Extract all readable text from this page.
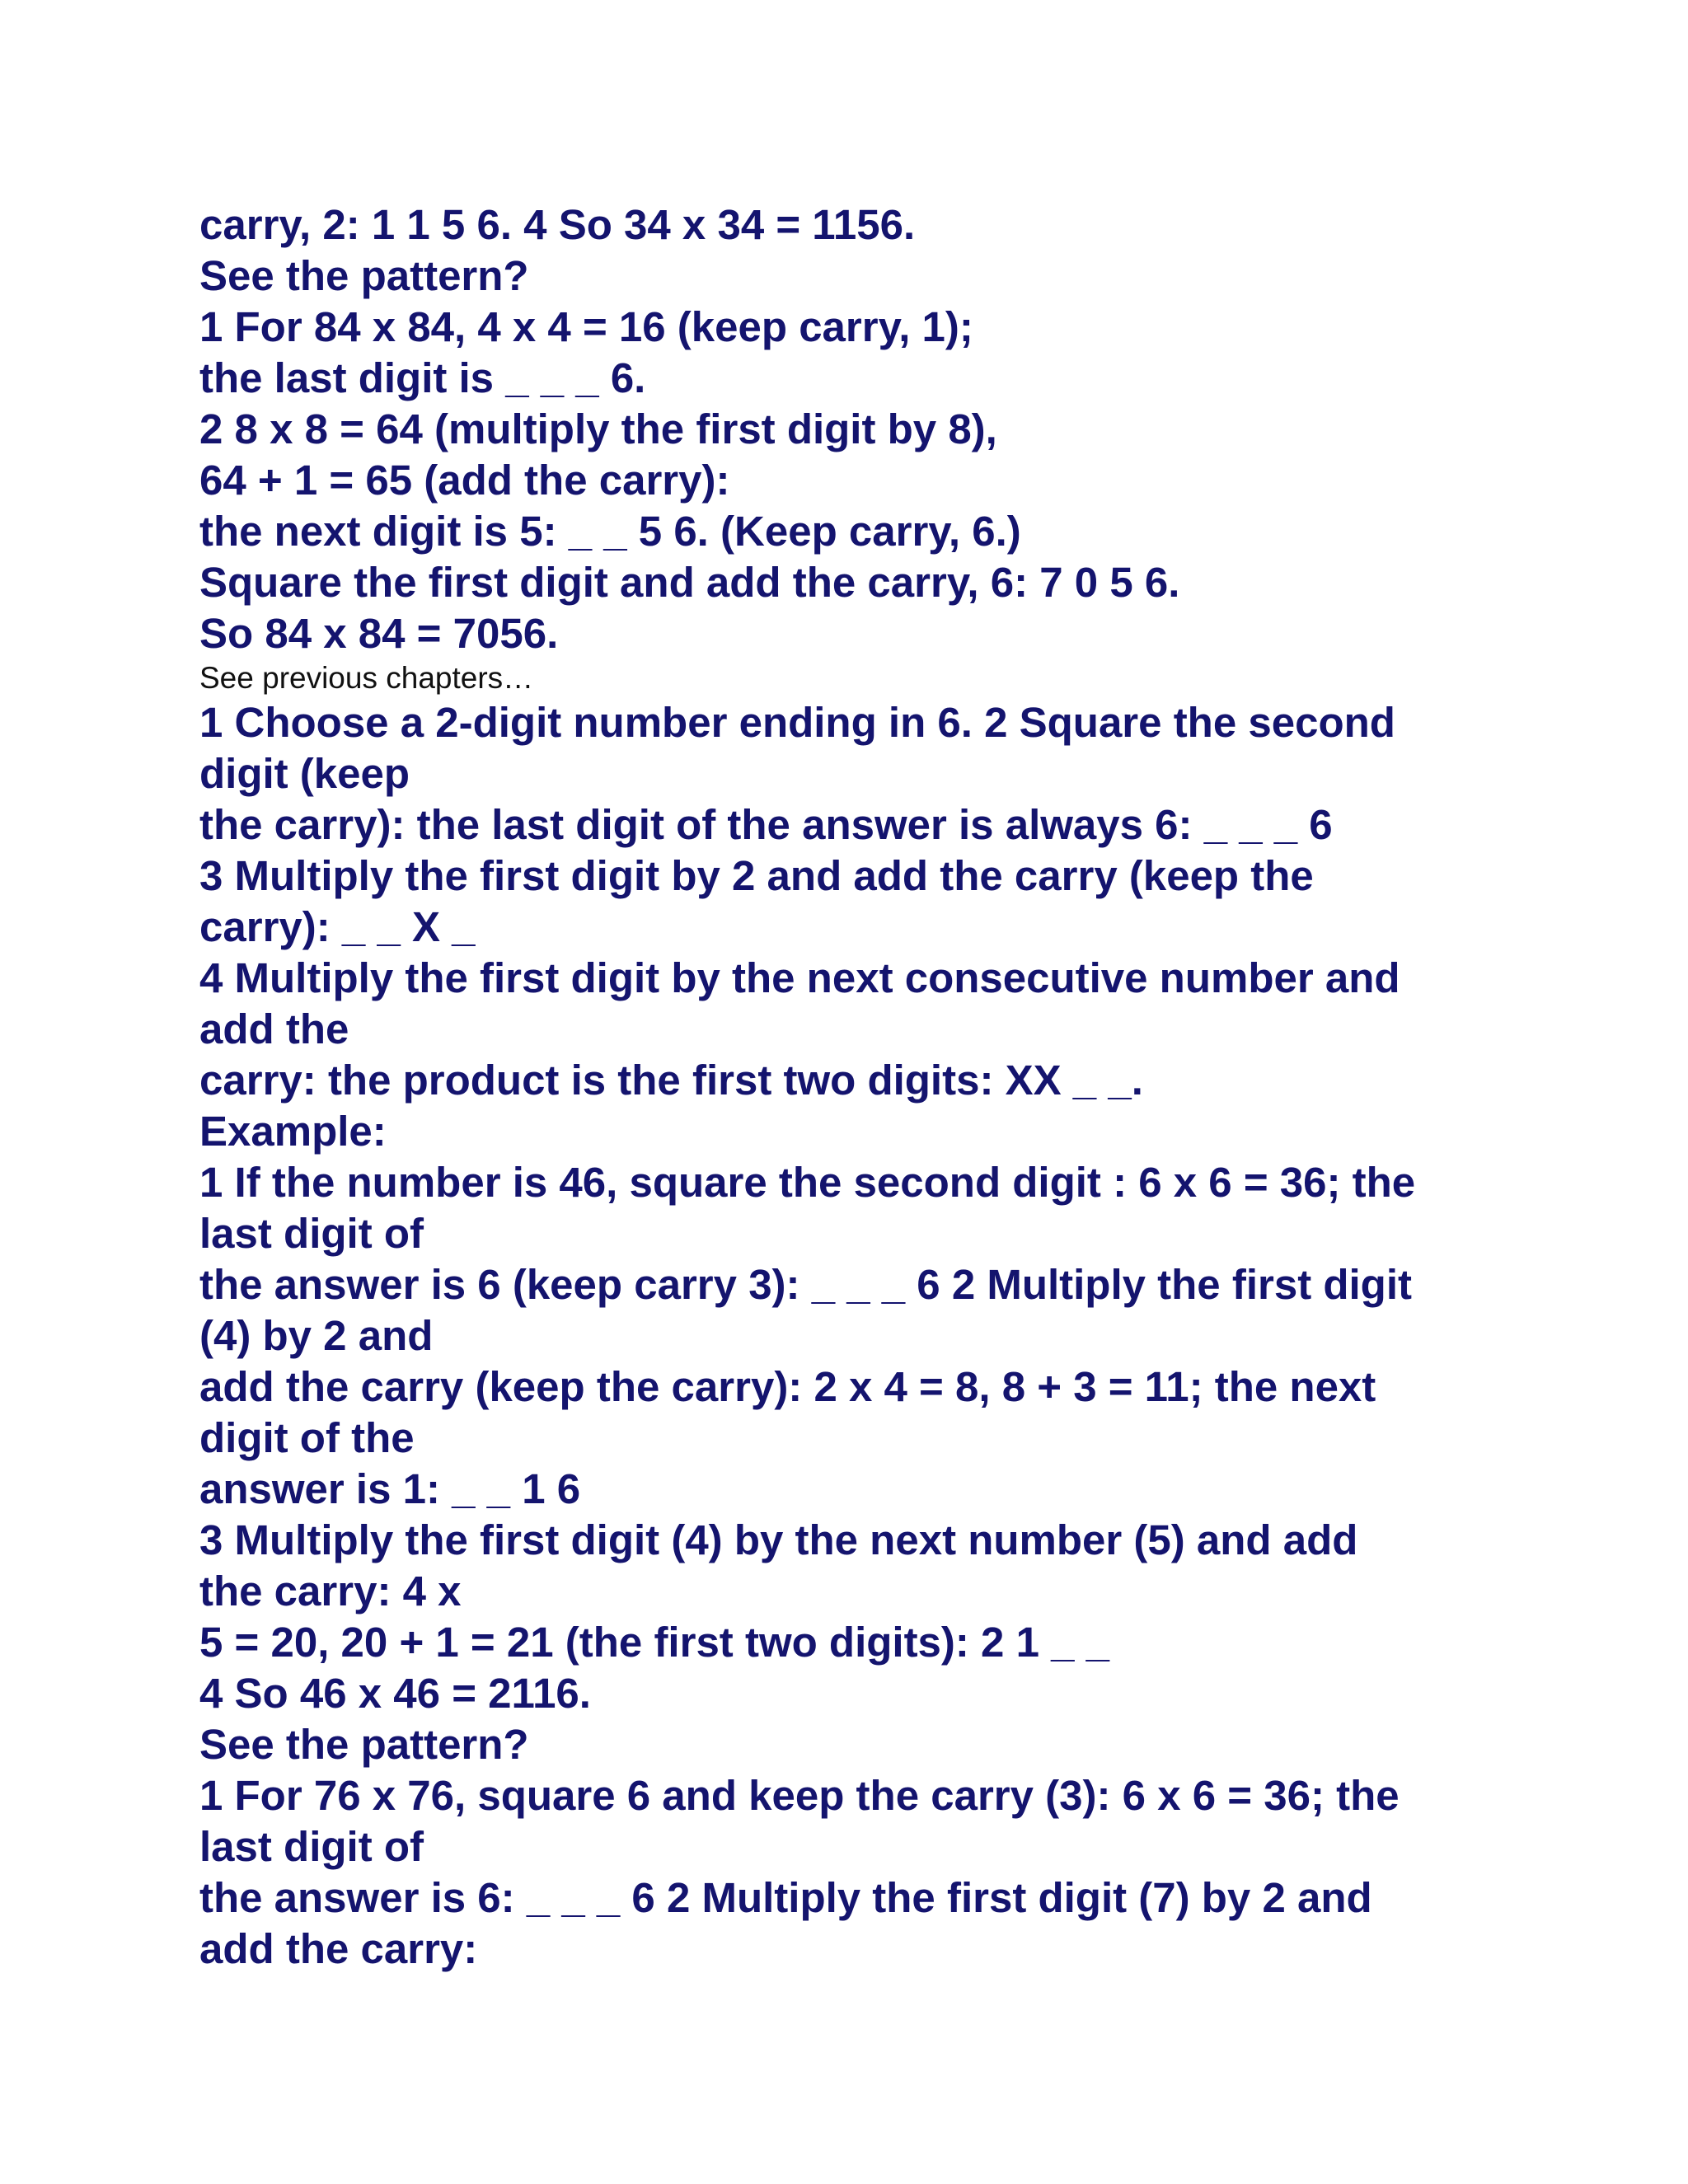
carry, 2: 1 1 5 6. 4 So 34 x 34 = 1156.
See the pattern?
1 For 84 x 84, 4 x 4 = 16 (keep carry, 1);
the last digit is _ _ _ 6.
2 8 x 8 = 64 (multiply the first digit by 8),
64 + 1 = 65 (add the carry):
the next digit is 5: _ _ 5 6. (Keep carry, 6.)
Square the first digit and add the carry, 6: 7 0 5 6.
So 84 x 84 = 7056.
See previous chapters…
1 Choose a 2-digit number ending in 6. 2 Square the second
digit (keep
the carry): the last digit of the answer is always 6: _ _ _ 6
3 Multiply the first digit by 2 and add the carry (keep the
carry): _ _ X _
4 Multiply the first digit by the next consecutive number and
add the
carry: the product is the first two digits: XX _ _.
Example:
1 If the number is 46, square the second digit : 6 x 6 = 36; the
last digit of
the answer is 6 (keep carry 3): _ _ _ 6 2 Multiply the first digit
(4) by 2 and
add the carry (keep the carry): 2 x 4 = 8, 8 + 3 = 11; the next
digit of the
answer is 1: _ _ 1 6
3 Multiply the first digit (4) by the next number (5) and add
the carry: 4 x
5 = 20, 20 + 1 = 21 (the first two digits): 2 1 _ _
4 So 46 x 46 = 2116.
See the pattern?
1 For 76 x 76, square 6 and keep the carry (3): 6 x 6 = 36; the
last digit of
the answer is 6: _ _ _ 6 2 Multiply the first digit (7) by 2 and
add the carry:
